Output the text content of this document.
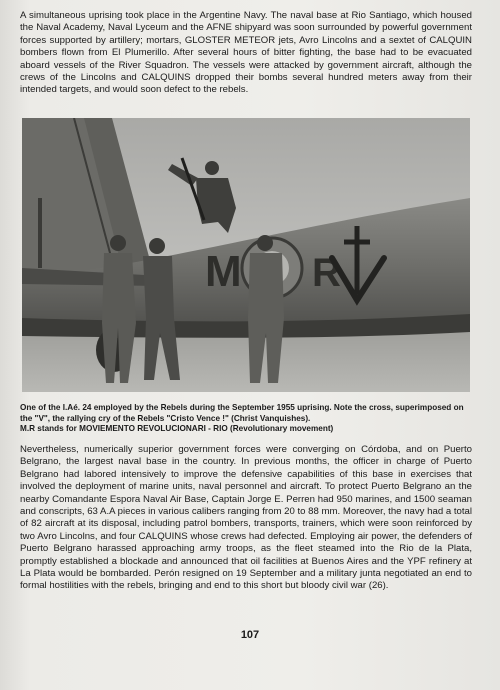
A simultaneous uprising took place in the Argentine Navy. The naval base at Rio Santiago, which housed the Naval Academy, Naval Lyceum and the AFNE shipyard was soon surrounded by powerful government forces supported by artillery; mortars, GLOSTER METEOR jets, Avro Lincolns and a sextet of CALQUIN bombers flown from El Plumerillo. After several hours of bitter fighting, the base had to be evacuated aboard vessels of the River Squadron. The vessels were attacked by government aircraft, although the crews of the Lincolns and CALQUINS dropped their bombs several hundred meters away from their intended targets, and would soon defect to the rebels.

M R
One of the I.Aé. 24 employed by the Rebels during the September 1955 uprising. Note the cross, superimposed on the "V", the rallying cry of the Rebels "Cristo Vence !" (Christ Vanquishes).
M.R stands for MOVIEMENTO REVOLUCIONARI - RIO (Revolutionary movement)

Nevertheless, numerically superior government forces were converging on Córdoba, and on Puerto Belgrano, the largest naval base in the country. In previous months, the officer in charge of Puerto Belgrano had labored intensively to improve the defensive capabilities of this base in exercises that involved the deployment of marine units, naval personnel and aircraft. To protect Puerto Belgrano an the nearby Comandante Espora Naval Air Base, Captain Jorge E. Perren had 950 marines, and 1500 seaman and conscripts, 63 A.A pieces in various calibers ranging from 20 to 88 mm. Moreover, the navy had a total of 82 aircraft at its disposal, including patrol bombers, transports, trainers, which were soon reinforced by two Avro Lincolns, and four CALQUINS whose crews had defected. Employing air power, the defenders of Puerto Belgrano harassed approaching army troops, as the fleet steamed into the Rio de la Plata, promptly established a blockade and announced that oil facilities at Buenos Aires and the YPF refinery at La Plata would be bombarded. Perón resigned on 19 September and a military junta negotiated an end to formal hostilities with the rebels, bringing and end to this short but bloody civil war (26).

107
